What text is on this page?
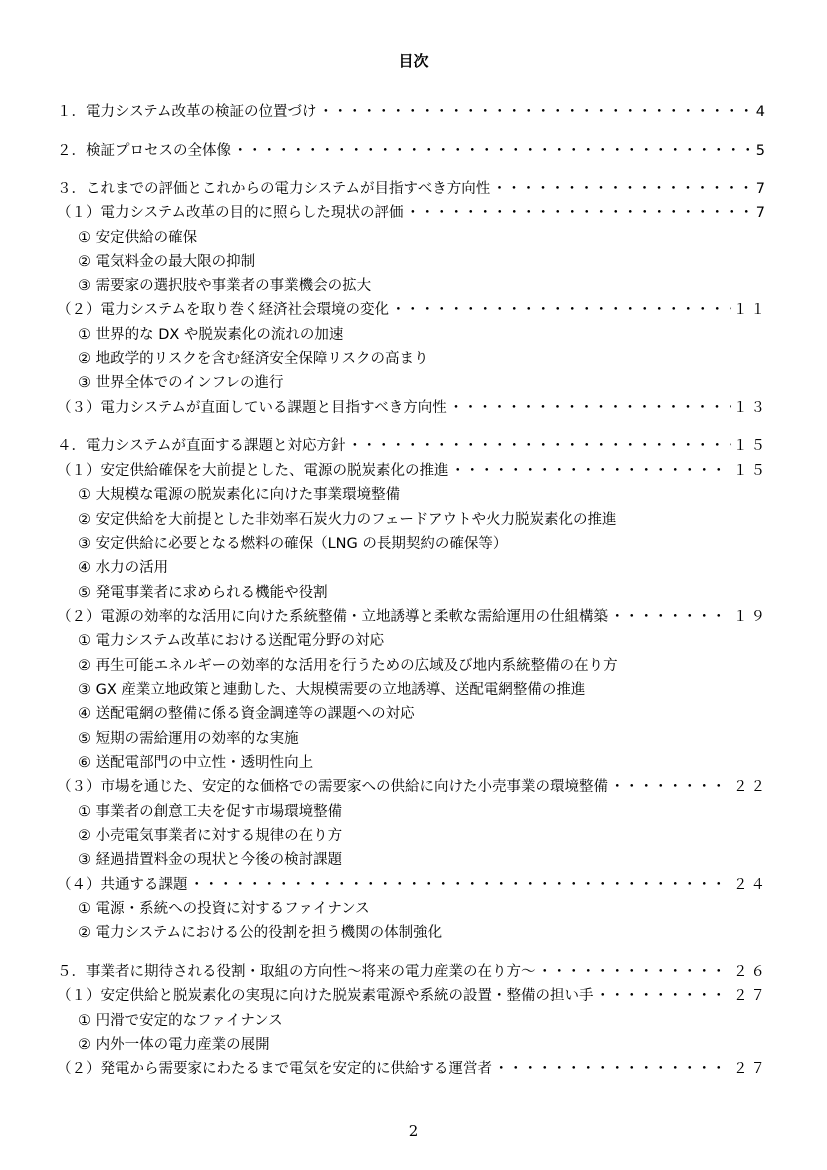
目次
１．電力システム改革の検証の位置づけ ・・・・・・・・・・・・・・・・・・・・・・・・・・・・・・・・・・・・・・・・・・・・・・・・・・・・・・・・・・・・・	4
２．検証プロセスの全体像 ・・・・・・・・・・・・・・・・・・・・・・・・・・・・・・・・・・・・・・・・・・・・・・・・・・・・・・・・・・・・・	5
３．これまでの評価とこれからの電力システムが目指すべき方向性 ・・・・・・・・・・・・・・・・・・・・・・・・・・・・・・・・・・・・・・・・・・・・・・・・・・・・・・・・・・・・・	7
（１）電力システム改革の目的に照らした現状の評価 ・・・・・・・・・・・・・・・・・・・・・・・・・・・・・・・・・・・・・・・・・・・・・・・・・・・・・・・・・・・・・	7
① 安定供給の確保
② 電気料金の最大限の抑制
③ 需要家の選択肢や事業者の事業機会の拡大
（２）電力システムを取り巻く経済社会環境の変化 ・・・・・・・・・・・・・・・・・・・・・・・・・・・・・・・・・・・・・・・・・・・・・・・・・・・・・・・・・・・・・	１１
① 世界的な DX や脱炭素化の流れの加速
② 地政学的リスクを含む経済安全保障リスクの高まり
③ 世界全体でのインフレの進行
（３）電力システムが直面している課題と目指すべき方向性 ・・・・・・・・・・・・・・・・・・・・・・・・・・・・・・・・・・・・・・・・・・・・・・・・・・・・・・・・・・・・・	１３
４．電力システムが直面する課題と対応方針 ・・・・・・・・・・・・・・・・・・・・・・・・・・・・・・・・・・・・・・・・・・・・・・・・・・・・・・・・・・・・・	１５
（１）安定供給確保を大前提とした、電源の脱炭素化の推進 ・・・・・・・・・・・・・・・・・・・・・・・・・・・・・・・・・・・・・・・・・・・・・・・・・・・・・・・・・・・・・	１５
① 大規模な電源の脱炭素化に向けた事業環境整備
② 安定供給を大前提とした非効率石炭火力のフェードアウトや火力脱炭素化の推進
③ 安定供給に必要となる燃料の確保（LNG の長期契約の確保等）
④ 水力の活用
⑤ 発電事業者に求められる機能や役割
（２）電源の効率的な活用に向けた系統整備・立地誘導と柔軟な需給運用の仕組構築 ・・・・・・・・・・・・・・・・・・・・・・・・・・・・・・・・・・・・・・・・・・・・・・・・・・・・・・・・・・・・・	１９
① 電力システム改革における送配電分野の対応
② 再生可能エネルギーの効率的な活用を行うための広域及び地内系統整備の在り方
③ GX 産業立地政策と連動した、大規模需要の立地誘導、送配電網整備の推進
④ 送配電網の整備に係る資金調達等の課題への対応
⑤ 短期の需給運用の効率的な実施
⑥ 送配電部門の中立性・透明性向上
（３）市場を通じた、安定的な価格での需要家への供給に向けた小売事業の環境整備 ・・・・・・・・・・・・・・・・・・・・・・・・・・・・・・・・・・・・・・・・・・・・・・・・・・・・・・・・・・・・・	２２
① 事業者の創意工夫を促す市場環境整備
② 小売電気事業者に対する規律の在り方
③ 経過措置料金の現状と今後の検討課題
（４）共通する課題 ・・・・・・・・・・・・・・・・・・・・・・・・・・・・・・・・・・・・・・・・・・・・・・・・・・・・・・・・・・・・・	２４
① 電源・系統への投資に対するファイナンス
② 電力システムにおける公的役割を担う機関の体制強化
５．事業者に期待される役割・取組の方向性～将来の電力産業の在り方～ ・・・・・・・・・・・・・・・・・・・・・・・・・・・・・・・・・・・・・・・・・・・・・・・・・・・・・・・・・・・・・	２６
（１）安定供給と脱炭素化の実現に向けた脱炭素電源や系統の設置・整備の担い手 ・・・・・・・・・・・・・・・・・・・・・・・・・・・・・・・・・・・・・・・・・・・・・・・・・・・・・・・・・・・・・	２７
① 円滑で安定的なファイナンス
② 内外一体の電力産業の展開
（２）発電から需要家にわたるまで電気を安定的に供給する運営者 ・・・・・・・・・・・・・・・・・・・・・・・・・・・・・・・・・・・・・・・・・・・・・・・・・・・・・・・・・・・・・	２７
2
